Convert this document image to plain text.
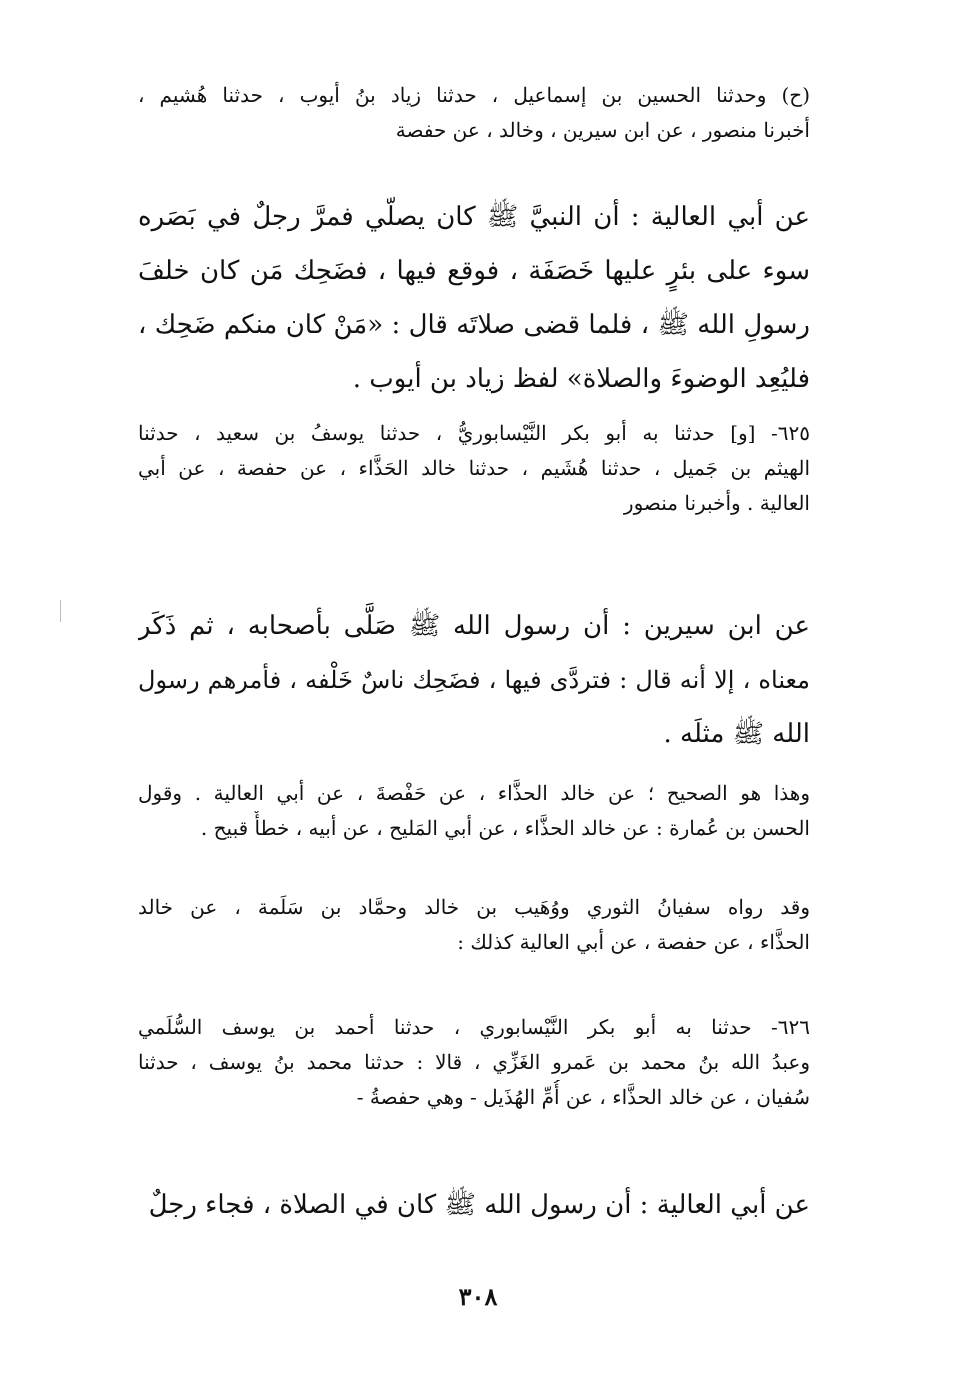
(ح) وحدثنا الحسين بن إسماعيل ، حدثنا زياد بنُ أيوب ، حدثنا هُشيم ،
أخبرنا منصور ، عن ابن سيرين ، وخالد ، عن حفصة
عن أبي العالية : أن النبيَّ ﷺ كان يصلّي فمرَّ رجلٌ في بَصَره
سوء على بئرٍ عليها خَصَفَة ، فوقع فيها ، فضَحِك مَن كان خلفَ
رسولِ الله ﷺ ، فلما قضى صلاتَه قال : «مَنْ كان منكم ضَحِك ،
فليُعِد الوضوءَ والصلاة» لفظ زياد بن أيوب .
٦٢٥- [و] حدثنا به أبو بكر النَّيْسابوريُّ ، حدثنا يوسفُ بن سعيد ، حدثنا
الهيثم بن جَميل ، حدثنا هُشَيم ، حدثنا خالد الحَذَّاء ، عن حفصة ، عن أبي
العالية . وأخبرنا منصور
عن ابن سيرين : أن رسول الله ﷺ صَلَّى بأصحابه ، ثم ذَكَر
معناه ، إلا أنه قال : فتردَّى فيها ، فضَحِك ناسٌ خَلْفه ، فأمرهم رسول
الله ﷺ مثلَه .
وهذا هو الصحيح ؛ عن خالد الحذَّاء ، عن حَفْصةَ ، عن أبي العالية . وقول
الحسن بن عُمارة : عن خالد الحذَّاء ، عن أبي المَليح ، عن أبيه ، خطأٌ قبيح .
وقد رواه سفيانُ الثوري ووُهَيب بن خالد وحمَّاد بن سَلَمة ، عن خالد
الحذَّاء ، عن حفصة ، عن أبي العالية كذلك :
٦٢٦- حدثنا به أبو بكر النَّيْسابوري ، حدثنا أحمد بن يوسف السُّلَمي
وعبدُ الله بنُ محمد بن عَمرو الغَزِّي ، قالا : حدثنا محمد بنُ يوسف ، حدثنا
سُفيان ، عن خالد الحذَّاء ، عن أُمِّ الهُذَيل - وهي حفصةُ -
عن أبي العالية : أن رسول الله ﷺ كان في الصلاة ، فجاء رجلٌ
٣٠٨
